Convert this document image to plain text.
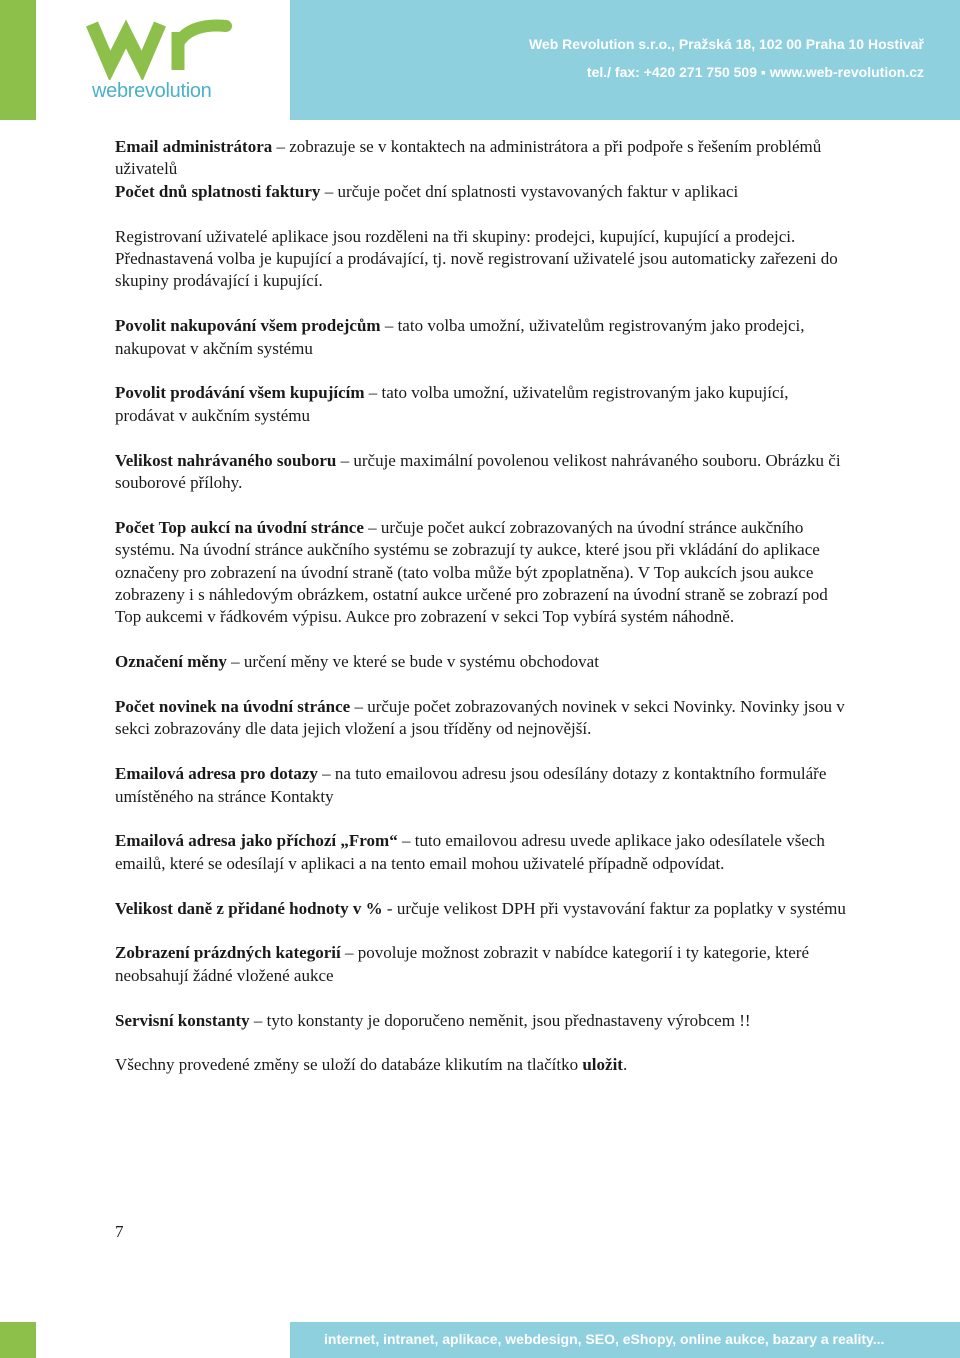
webrevolution
Web Revolution s.r.o., Pražská 18, 102 00 Praha 10 Hostivař
tel./ fax: +420 271 750 509 ▪ www.web-revolution.cz

Email administrátora – zobrazuje se v kontaktech na administrátora a při podpoře s řešením problémů uživatelů

Počet dnů splatnosti faktury – určuje počet dní splatnosti vystavovaných faktur v aplikaci

Registrovaní uživatelé aplikace jsou rozděleni na tři skupiny: prodejci, kupující, kupující a prodejci. Přednastavená volba je kupující a prodávající, tj. nově registrovaní uživatelé jsou automaticky zařezeni do skupiny prodávající i kupující.

Povolit nakupování všem prodejcům – tato volba umožní, uživatelům registrovaným jako prodejci, nakupovat v akčním systému

Povolit prodávání všem kupujícím – tato volba umožní, uživatelům registrovaným jako kupující, prodávat v aukčním systému

Velikost nahrávaného souboru – určuje maximální povolenou velikost nahrávaného souboru. Obrázku či souborové přílohy.

Počet Top aukcí na úvodní stránce – určuje počet aukcí zobrazovaných na úvodní stránce aukčního systému. Na úvodní stránce aukčního systému se zobrazují ty aukce, které jsou při vkládání do aplikace označeny pro zobrazení na úvodní straně (tato volba může být zpoplatněna). V Top aukcích jsou aukce zobrazeny i s náhledovým obrázkem, ostatní aukce určené pro zobrazení na úvodní straně se zobrazí pod Top aukcemi v řádkovém výpisu. Aukce pro zobrazení v sekci Top vybírá systém náhodně.

Označení měny – určení měny ve které se bude v systému obchodovat

Počet novinek na úvodní stránce – určuje počet zobrazovaných novinek v sekci Novinky. Novinky jsou v sekci zobrazovány dle data jejich vložení a jsou tříděny od nejnovější.

Emailová adresa pro dotazy – na tuto emailovou adresu jsou odesílány dotazy z kontaktního formuláře umístěného na stránce Kontakty

Emailová adresa jako příchozí „From“ – tuto emailovou adresu uvede aplikace jako odesílatele všech emailů, které se odesílají v aplikaci a na tento email mohou uživatelé případně odpovídat.

Velikost daně z přidané hodnoty v % - určuje velikost DPH při vystavování faktur za poplatky v systému

Zobrazení prázdných kategorií – povoluje možnost zobrazit v nabídce kategorií i ty kategorie, které neobsahují žádné vložené aukce

Servisní konstanty – tyto konstanty je doporučeno neměnit, jsou přednastaveny výrobcem !!

Všechny provedené změny se uloží do databáze klikutím na tlačítko uložit.

7
internet, intranet, aplikace, webdesign, SEO, eShopy, online aukce, bazary a reality...
